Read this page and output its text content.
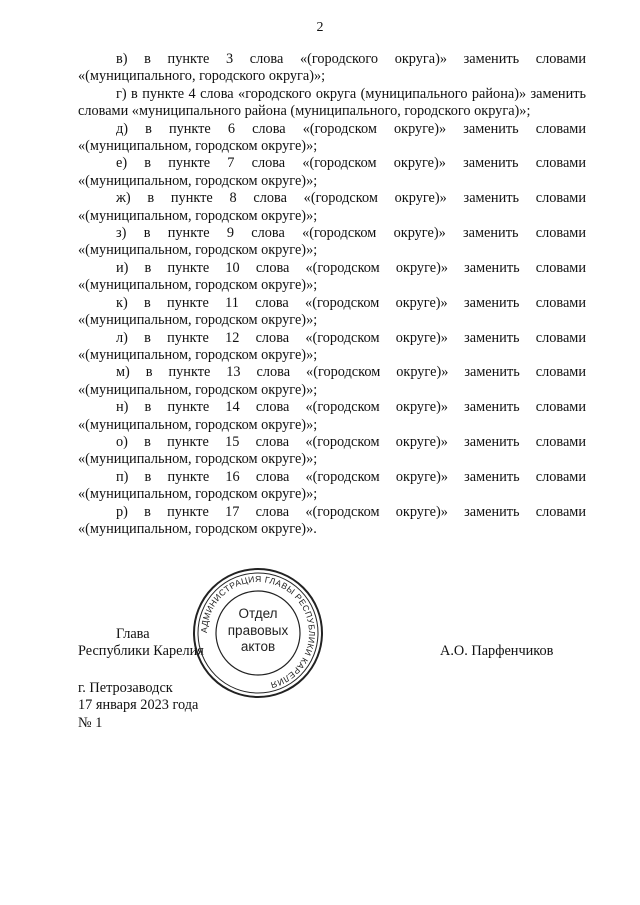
2

в) в пункте 3 слова «(городского округа)» заменить словами «(муниципального, городского округа)»;

г) в пункте 4 слова «городского округа (муниципального района)» заменить словами «муниципального района (муниципального, городского округа)»;

д) в пункте 6 слова «(городском округе)» заменить словами «(муниципальном, городском округе)»;

е) в пункте 7 слова «(городском округе)» заменить словами «(муниципальном, городском округе)»;

ж) в пункте 8 слова «(городском округе)» заменить словами «(муниципальном, городском округе)»;

з) в пункте 9 слова «(городском округе)» заменить словами «(муниципальном, городском округе)»;

и) в пункте 10 слова «(городском округе)» заменить словами «(муниципальном, городском округе)»;

к) в пункте 11 слова «(городском округе)» заменить словами «(муниципальном, городском округе)»;

л) в пункте 12 слова «(городском округе)» заменить словами «(муниципальном, городском округе)»;

м) в пункте 13 слова «(городском округе)» заменить словами «(муниципальном, городском округе)»;

н) в пункте 14 слова «(городском округе)» заменить словами «(муниципальном, городском округе)»;

о) в пункте 15 слова «(городском округе)» заменить словами «(муниципальном, городском округе)»;

п) в пункте 16 слова «(городском округе)» заменить словами «(муниципальном, городском округе)»;

р) в пункте 17 слова «(городском округе)» заменить словами «(муниципальном, городском округе)».

Глава
Республики Карелия	А.О. Парфенчиков
г. Петрозаводск
17 января 2023 года
№ 1
АДМИНИСТРАЦИЯ ГЛАВЫ РЕСПУБЛИКИ КАРЕЛИЯ
Отдел
правовых
актов
